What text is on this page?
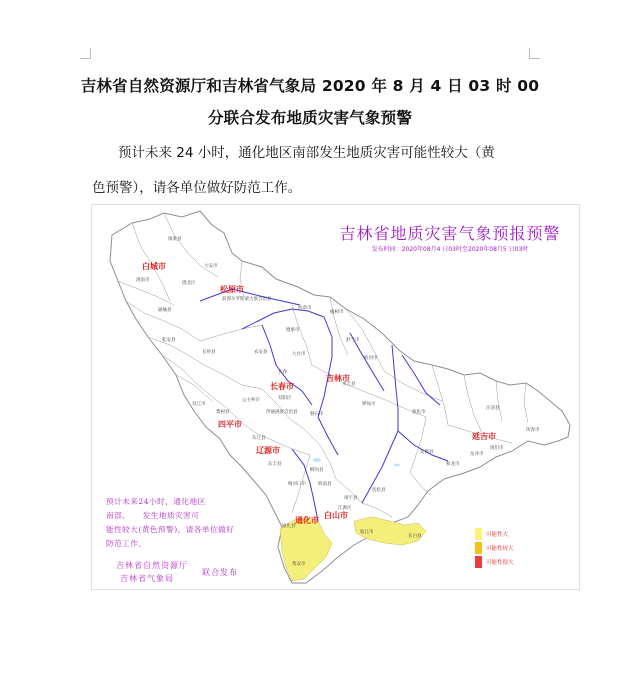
吉林省自然资源厅和吉林省气象局 2020 年 8 月 4 日 03 时 00
分联合发布地质灾害气象预警
预计未来 24 小时，通化地区南部发生地质灾害可能性较大（黄
色预警），请各单位做好防范工作。
吉林省地质灾害气象预报预警
发布时间：2020年08月4 日03时至2020年08月5 日03时
白城市
松原市
长春市
吉林市
四平市
辽源市
延吉市
通化市
白山市
镇赉县
大安市
洮南市
洮北区
通榆县
前郭尔罗斯蒙古族自治县
扶余市
榆树市
德惠市
农安县	九台市
舒兰市
蛟河市
长春
永吉县
桦甸市
磐石市
双阳区
伊通满族自治县
东辽县
东丰县
梨树县
双辽市
公主岭市
长岭县
乾安县
敦化市
安图县
汪清县
图们市
珲春市
龙井市
和龙市
柳河县
辉南县
梅河口市
集安市
靖宇县
抚松县
长白县
临江市
江源区
通化县
预计未来24小时，通化地区
南部、　　发生地质灾害可
能性较大(黄色预警)，请各单位做好
防范工作。
吉林省自然资源厅
吉林省气象局
联合发布
可能性大
可能性较大
可能性很大
